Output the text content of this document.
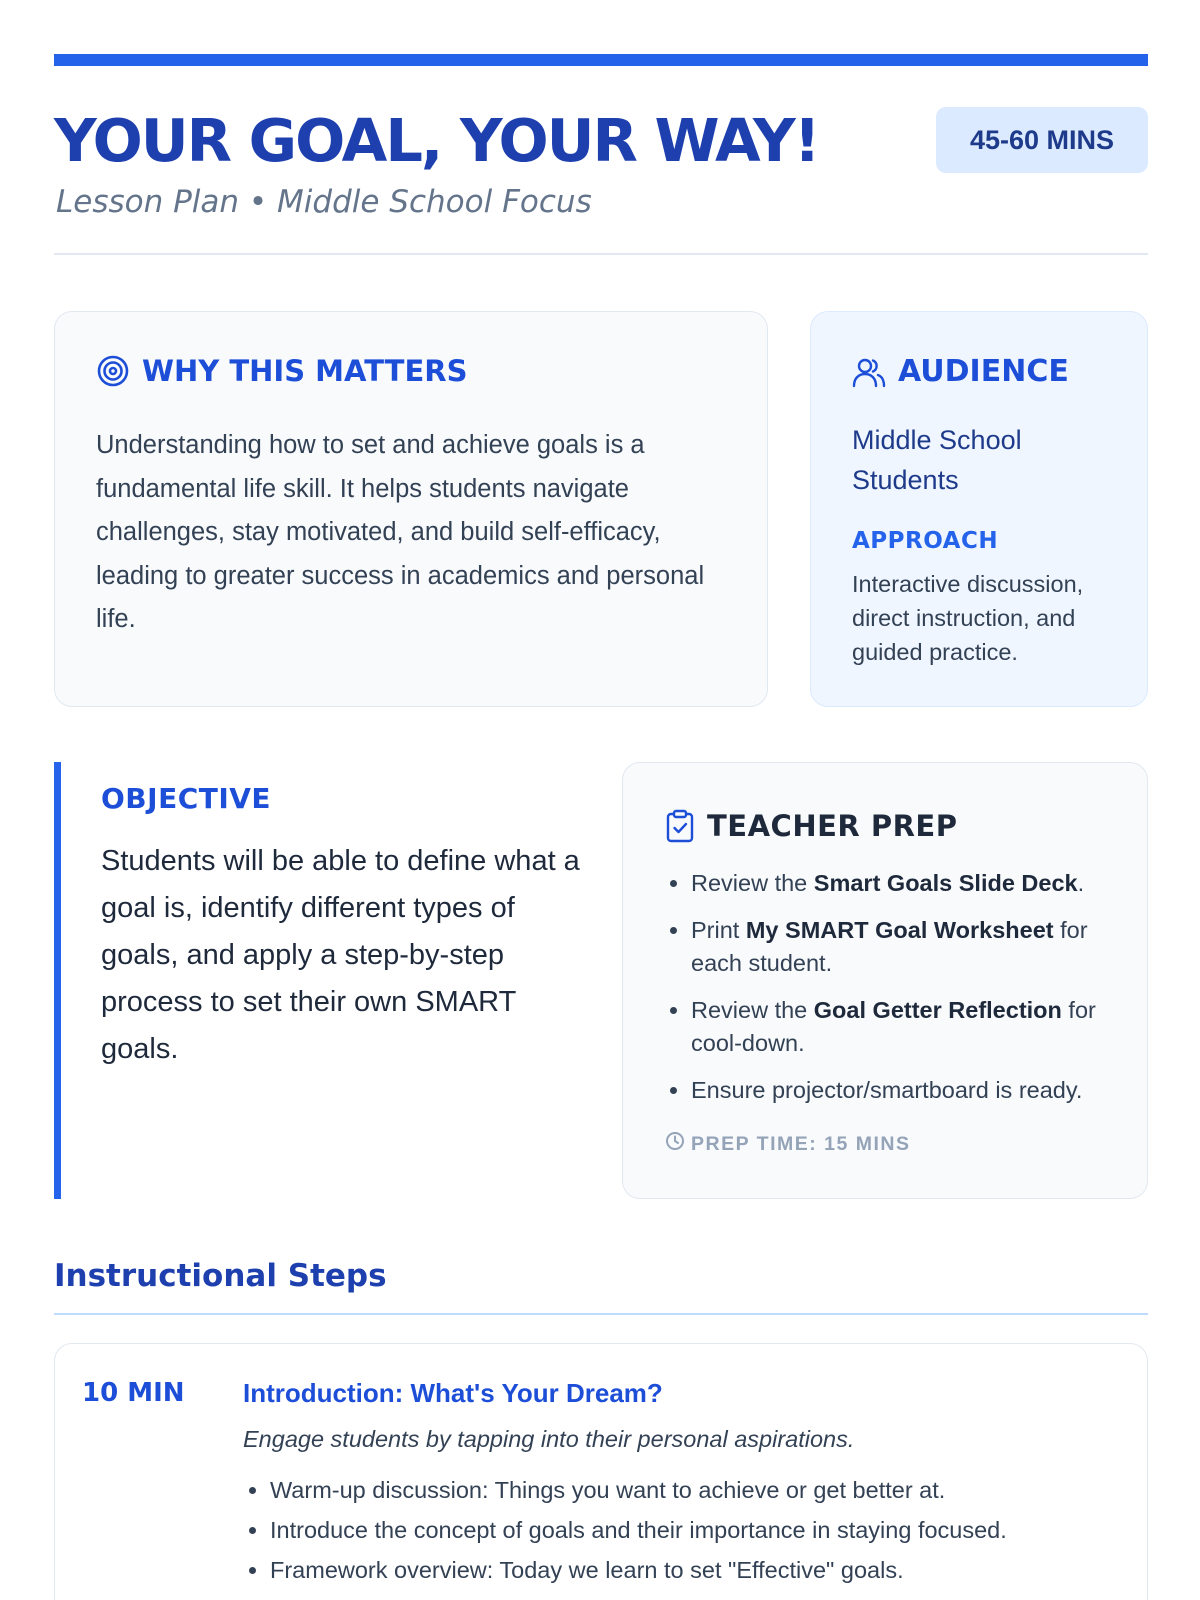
YOUR GOAL, YOUR WAY!
Lesson Plan • Middle School Focus
45-60 MINS
WHY THIS MATTERS

Understanding how to set and achieve goals is a fundamental life skill. It helps students navigate challenges, stay motivated, and build self-efficacy, leading to greater success in academics and personal life.

AUDIENCE
Middle School Students
APPROACH
Interactive discussion, direct instruction, and guided practice.
OBJECTIVE

Students will be able to define what a goal is, identify different types of goals, and apply a step-by-step process to set their own SMART goals.

TEACHER PREP
• Review the Smart Goals Slide Deck.
• Print My SMART Goal Worksheet for each student.
• Review the Goal Getter Reflection for cool-down.
• Ensure projector/smartboard is ready.
PREP TIME: 15 MINS
Instructional Steps
10 MIN Introduction: What's Your Dream?
Engage students by tapping into their personal aspirations.
• Warm-up discussion: Things you want to achieve or get better at.
• Introduce the concept of goals and their importance in staying focused.
• Framework overview: Today we learn to set "Effective" goals.
